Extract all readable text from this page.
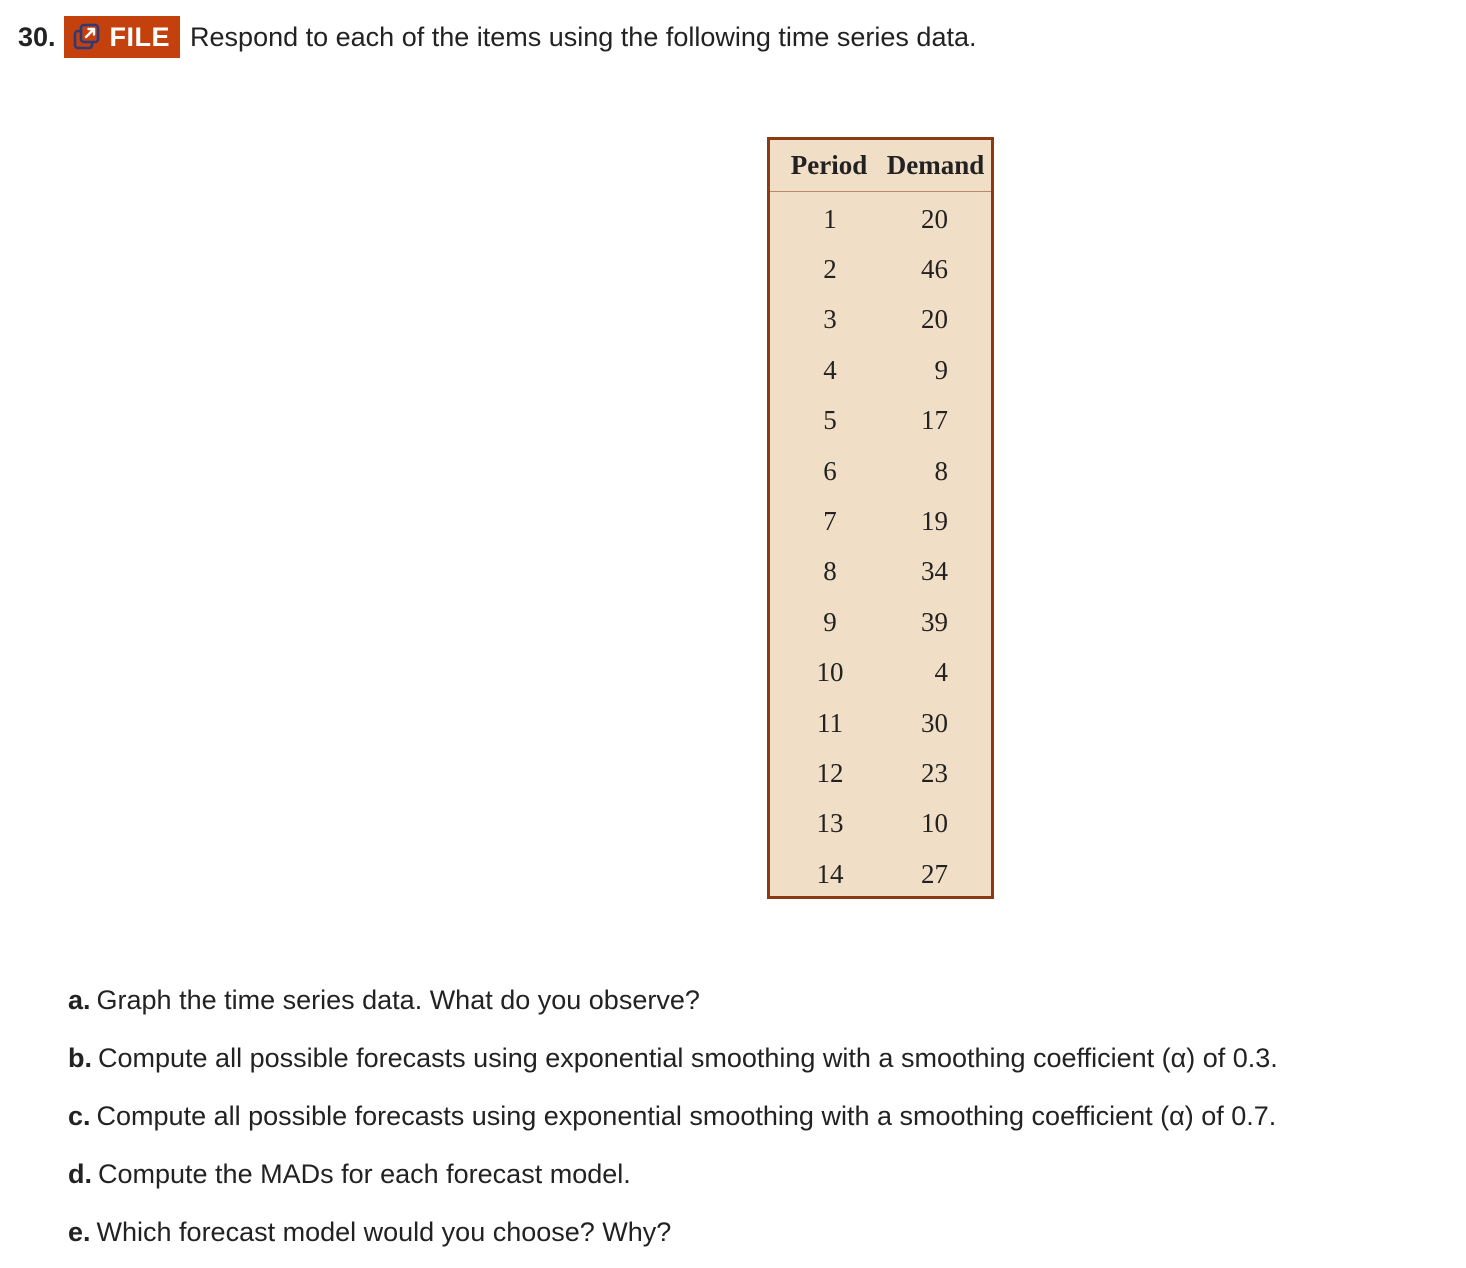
30. FILE Respond to each of the items using the following time series data.
Period Demand
1	20
2	46
3	20
4	9
5	17
6	8
7	19
8	34
9	39
10	4
11	30
12	23
13	10
14	27
a. Graph the time series data. What do you observe?
b. Compute all possible forecasts using exponential smoothing with a smoothing coefficient (α) of 0.3.
c. Compute all possible forecasts using exponential smoothing with a smoothing coefficient (α) of 0.7.
d. Compute the MADs for each forecast model.
e. Which forecast model would you choose? Why?
